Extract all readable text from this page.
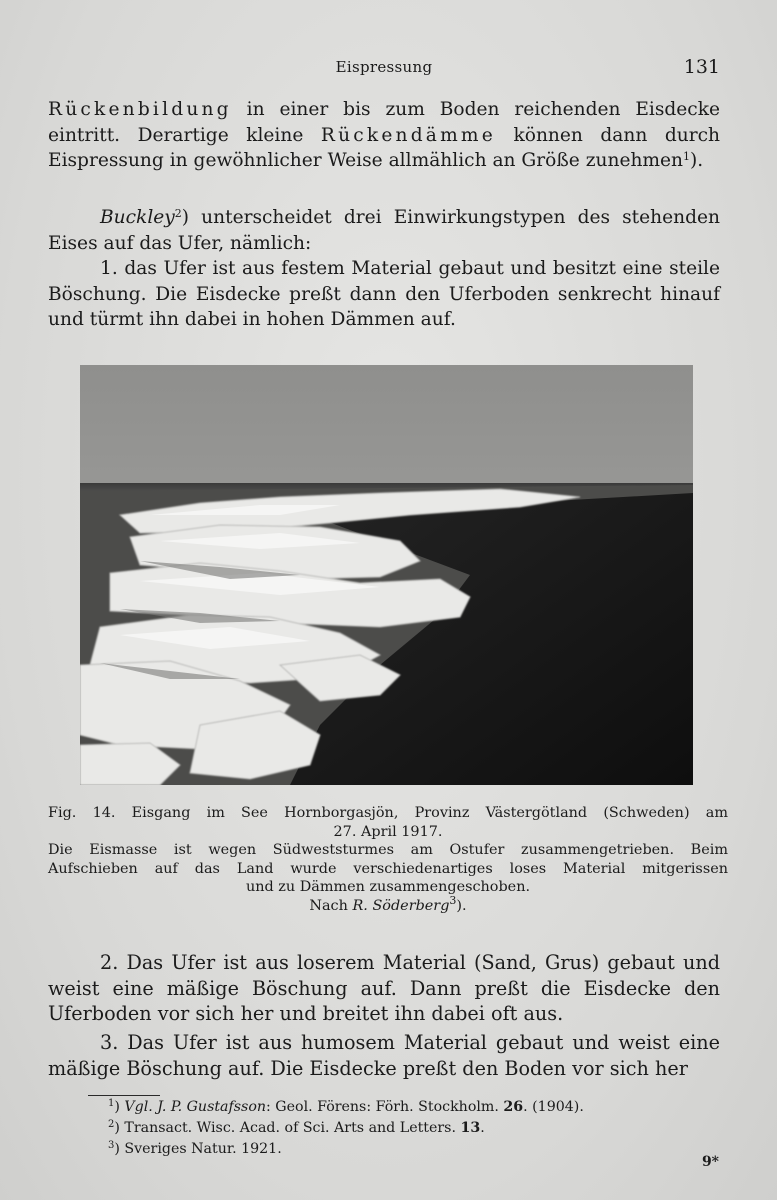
Eispressung	131
Rückenbildung in einer bis zum Boden reichenden Eisdecke eintritt. Derartige kleine Rückendämme können dann durch Eispressung in gewöhnlicher Weise allmählich an Größe zunehmen$^1$).
Buckley$^2$) unterscheidet drei Einwirkungstypen des stehenden Eises auf das Ufer, nämlich:
1. das Ufer ist aus festem Material gebaut und besitzt eine steile Böschung. Die Eisdecke preßt dann den Uferboden senkrecht hinauf und türmt ihn dabei in hohen Dämmen auf.
Fig. 14. Eisgang im See Hornborgasjön, Provinz Västergötland (Schweden) am
27. April 1917.
Die Eismasse ist wegen Südweststurmes am Ostufer zusammengetrieben. Beim
Aufschieben auf das Land wurde verschiedenartiges loses Material mitgerissen
und zu Dämmen zusammengeschoben.
Nach R. Söderberg$^3$).
2. Das Ufer ist aus loserem Material (Sand, Grus) gebaut und weist eine mäßige Böschung auf. Dann preßt die Eisdecke den Uferboden vor sich her und breitet ihn dabei oft aus.
3. Das Ufer ist aus humosem Material gebaut und weist eine mäßige Böschung auf. Die Eisdecke preßt den Boden vor sich her
$^1$) Vgl. J. P. Gustafsson: Geol. Förens: Förh. Stockholm. 26. (1904).
$^2$) Transact. Wisc. Acad. of Sci. Arts and Letters. 13.
$^3$) Sveriges Natur. 1921.
9*
